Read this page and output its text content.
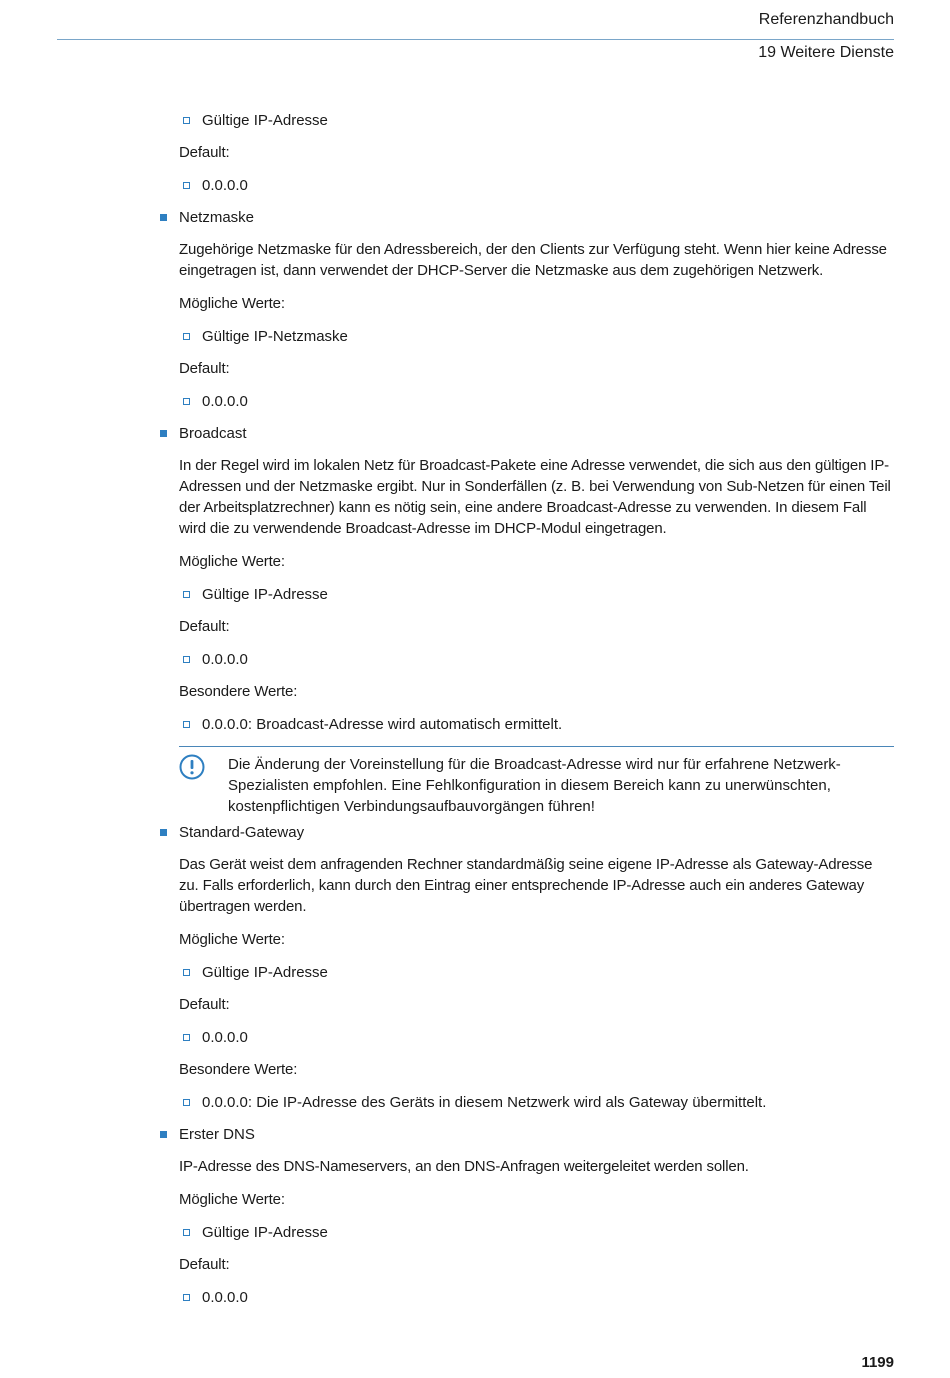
Referenzhandbuch
19 Weitere Dienste
Gültige IP-Adresse

Default:

0.0.0.0
Netzmaske

Zugehörige Netzmaske für den Adressbereich, der den Clients zur Verfügung steht. Wenn hier keine Adresse eingetragen ist, dann verwendet der DHCP-Server die Netzmaske aus dem zugehörigen Netzwerk.

Mögliche Werte:

Gültige IP-Netzmaske

Default:

0.0.0.0
Broadcast

In der Regel wird im lokalen Netz für Broadcast-Pakete eine Adresse verwendet, die sich aus den gültigen IP-Adressen und der Netzmaske ergibt. Nur in Sonderfällen (z. B. bei Verwendung von Sub-Netzen für einen Teil der Arbeitsplatzrechner) kann es nötig sein, eine andere Broadcast-Adresse zu verwenden. In diesem Fall wird die zu verwendende Broadcast-Adresse im DHCP-Modul eingetragen.

Mögliche Werte:

Gültige IP-Adresse

Default:

0.0.0.0

Besondere Werte:

0.0.0.0: Broadcast-Adresse wird automatisch ermittelt.
Die Änderung der Voreinstellung für die Broadcast-Adresse wird nur für erfahrene Netzwerk-Spezialisten empfohlen. Eine Fehlkonfiguration in diesem Bereich kann zu unerwünschten, kostenpflichtigen Verbindungsaufbauvorgängen führen!
Standard-Gateway

Das Gerät weist dem anfragenden Rechner standardmäßig seine eigene IP-Adresse als Gateway-Adresse zu. Falls erforderlich, kann durch den Eintrag einer entsprechende IP-Adresse auch ein anderes Gateway übertragen werden.

Mögliche Werte:

Gültige IP-Adresse

Default:

0.0.0.0

Besondere Werte:

0.0.0.0: Die IP-Adresse des Geräts in diesem Netzwerk wird als Gateway übermittelt.
Erster DNS

IP-Adresse des DNS-Nameservers, an den DNS-Anfragen weitergeleitet werden sollen.

Mögliche Werte:

Gültige IP-Adresse

Default:

0.0.0.0
1199
